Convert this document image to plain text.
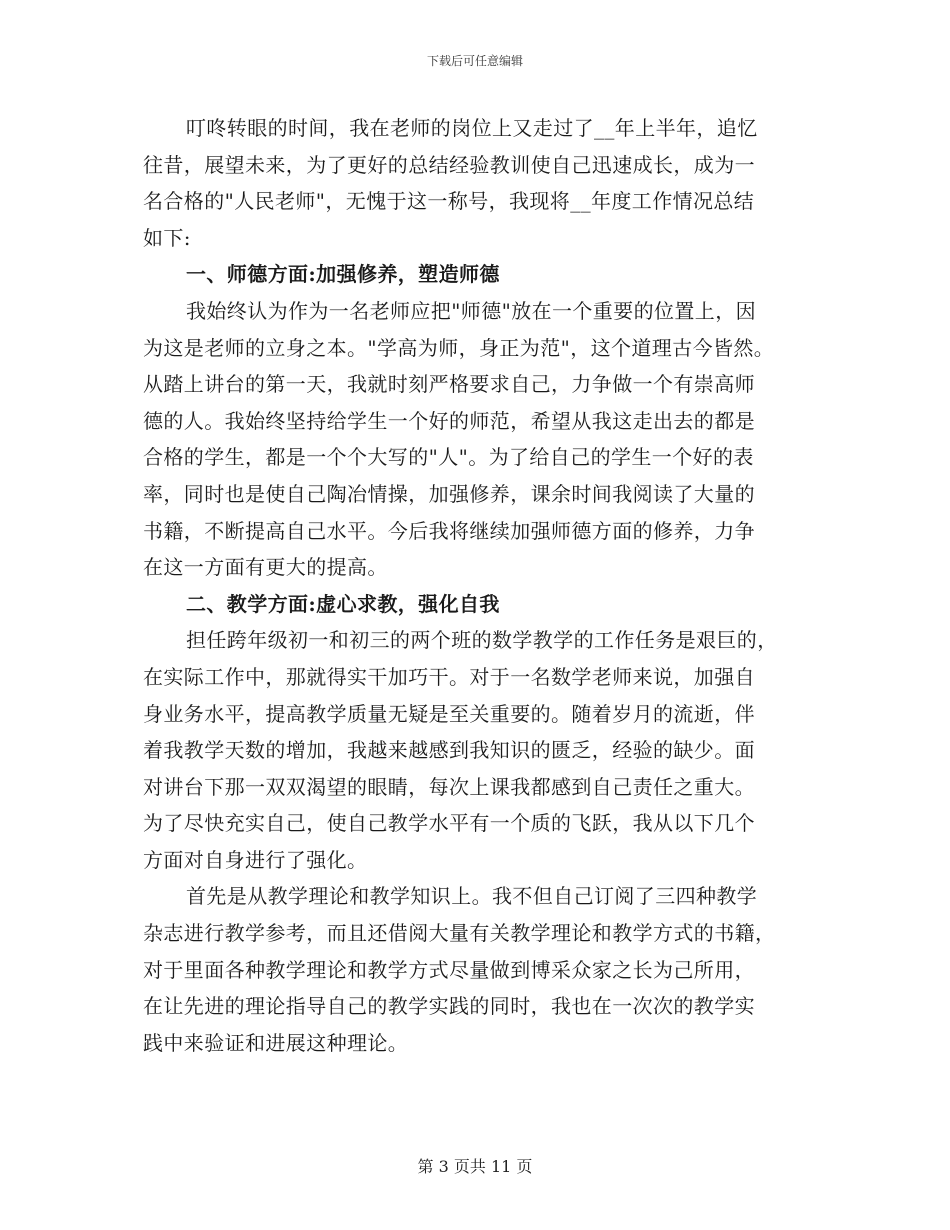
下载后可任意编辑
叮咚转眼的时间，我在老师的岗位上又走过了__年上半年，追忆
往昔，展望未来，为了更好的总结经验教训使自己迅速成长，成为一
名合格的"人民老师"，无愧于这一称号，我现将__年度工作情况总结
如下:
一、师德方面:加强修养，塑造师德
我始终认为作为一名老师应把"师德"放在一个重要的位置上，因
为这是老师的立身之本。"学高为师，身正为范"，这个道理古今皆然。
从踏上讲台的第一天，我就时刻严格要求自己，力争做一个有崇高师
德的人。我始终坚持给学生一个好的师范，希望从我这走出去的都是
合格的学生，都是一个个大写的"人"。为了给自己的学生一个好的表
率，同时也是使自己陶冶情操，加强修养，课余时间我阅读了大量的
书籍，不断提高自己水平。今后我将继续加强师德方面的修养，力争
在这一方面有更大的提高。
二、教学方面:虚心求教，强化自我
担任跨年级初一和初三的两个班的数学教学的工作任务是艰巨的，
在实际工作中，那就得实干加巧干。对于一名数学老师来说，加强自
身业务水平，提高教学质量无疑是至关重要的。随着岁月的流逝，伴
着我教学天数的增加，我越来越感到我知识的匮乏，经验的缺少。面
对讲台下那一双双渴望的眼睛，每次上课我都感到自己责任之重大。
为了尽快充实自己，使自己教学水平有一个质的飞跃，我从以下几个
方面对自身进行了强化。
首先是从教学理论和教学知识上。我不但自己订阅了三四种教学
杂志进行教学参考，而且还借阅大量有关教学理论和教学方式的书籍，
对于里面各种教学理论和教学方式尽量做到博采众家之长为己所用，
在让先进的理论指导自己的教学实践的同时，我也在一次次的教学实
践中来验证和进展这种理论。
第 3 页共 11 页
